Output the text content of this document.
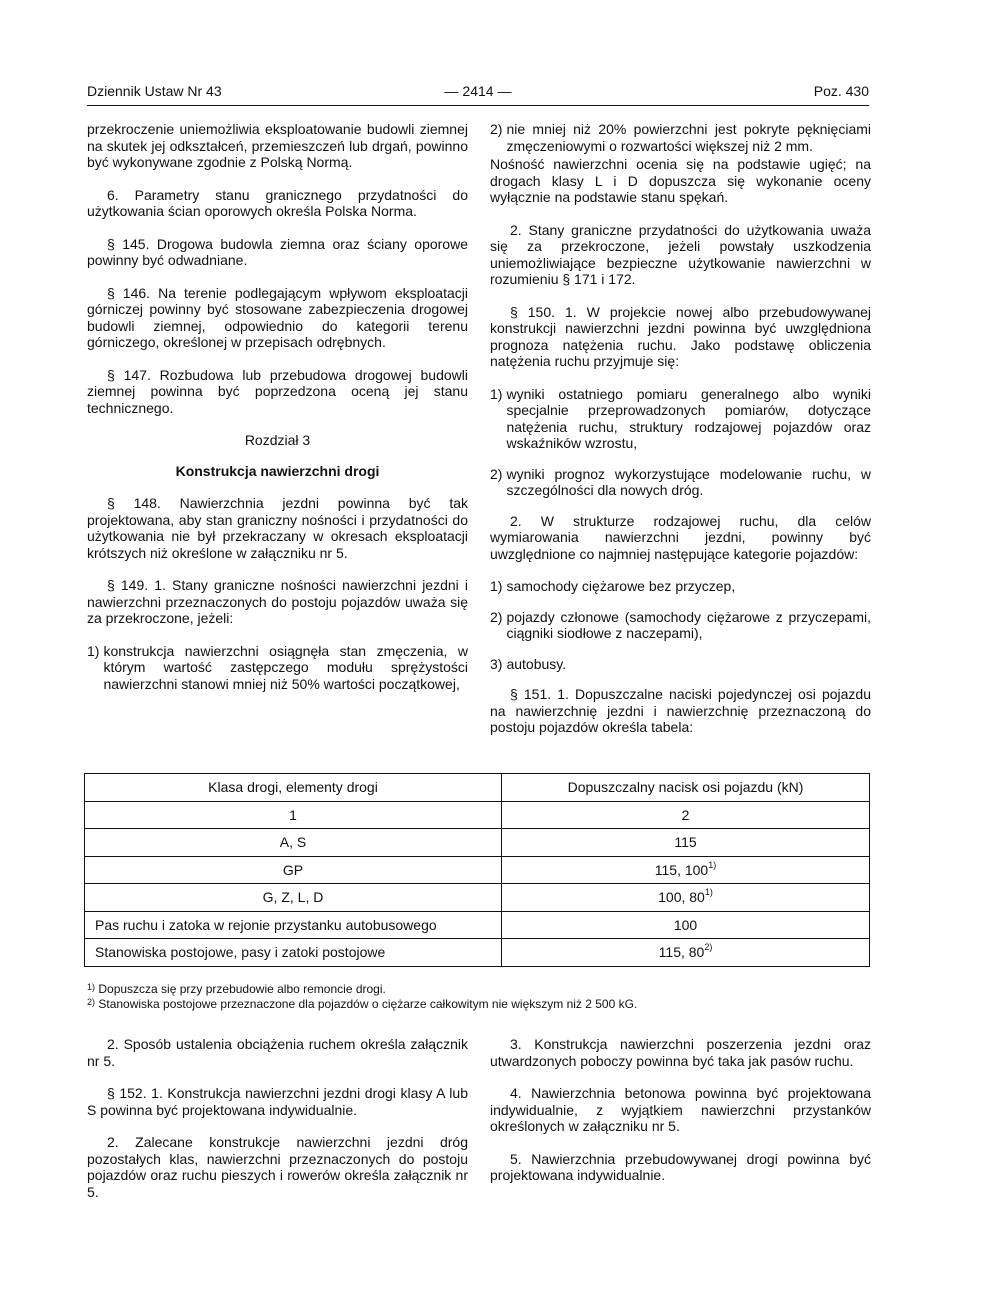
Dziennik Ustaw Nr 43	— 2414 —	Poz. 430

przekroczenie uniemożliwia eksploatowanie budowli ziemnej na skutek jej odkształceń, przemieszczeń lub drgań, powinno być wykonywane zgodnie z Polską Normą.

6. Parametry stanu granicznego przydatności do użytkowania ścian oporowych określa Polska Norma.

§ 145. Drogowa budowla ziemna oraz ściany oporowe powinny być odwadniane.

§ 146. Na terenie podlegającym wpływom eksploatacji górniczej powinny być stosowane zabezpieczenia drogowej budowli ziemnej, odpowiednio do kategorii terenu górniczego, określonej w przepisach odrębnych.

§ 147. Rozbudowa lub przebudowa drogowej budowli ziemnej powinna być poprzedzona oceną jej stanu technicznego.

Rozdział 3
Konstrukcja nawierzchni drogi

§ 148. Nawierzchnia jezdni powinna być tak projektowana, aby stan graniczny nośności i przydatności do użytkowania nie był przekraczany w okresach eksploatacji krótszych niż określone w załączniku nr 5.

§ 149. 1. Stany graniczne nośności nawierzchni jezdni i nawierzchni przeznaczonych do postoju pojazdów uważa się za przekroczone, jeżeli:

1) konstrukcja nawierzchni osiągnęła stan zmęczenia, w którym wartość zastępczego modułu sprężystości nawierzchni stanowi mniej niż 50% wartości początkowej,
2) nie mniej niż 20% powierzchni jest pokryte pęknięciami zmęczeniowymi o rozwartości większej niż 2 mm.

Nośność nawierzchni ocenia się na podstawie ugięć; na drogach klasy L i D dopuszcza się wykonanie oceny wyłącznie na podstawie stanu spękań.

2. Stany graniczne przydatności do użytkowania uważa się za przekroczone, jeżeli powstały uszkodzenia uniemożliwiające bezpieczne użytkowanie nawierzchni w rozumieniu § 171 i 172.

§ 150. 1. W projekcie nowej albo przebudowywanej konstrukcji nawierzchni jezdni powinna być uwzględniona prognoza natężenia ruchu. Jako podstawę obliczenia natężenia ruchu przyjmuje się:

1) wyniki ostatniego pomiaru generalnego albo wyniki specjalnie przeprowadzonych pomiarów, dotyczące natężenia ruchu, struktury rodzajowej pojazdów oraz wskaźników wzrostu,
2) wyniki prognoz wykorzystujące modelowanie ruchu, w szczególności dla nowych dróg.

2. W strukturze rodzajowej ruchu, dla celów wymiarowania nawierzchni jezdni, powinny być uwzględnione co najmniej następujące kategorie pojazdów:

1) samochody ciężarowe bez przyczep,
2) pojazdy członowe (samochody ciężarowe z przyczepami, ciągniki siodłowe z naczepami),
3) autobusy.

§ 151. 1. Dopuszczalne naciski pojedynczej osi pojazdu na nawierzchnię jezdni i nawierzchnię przeznaczoną do postoju pojazdów określa tabela:

Klasa drogi, elementy drogi	Dopuszczalny nacisk osi pojazdu (kN)
1	2
A, S	115
GP	115, 100$^{1)}$
G, Z, L, D	100, 80$^{1)}$
Pas ruchu i zatoka w rejonie przystanku autobusowego	100
Stanowiska postojowe, pasy i zatoki postojowe	115, 80$^{2)}$
$^{1)}$ Dopuszcza się przy przebudowie albo remoncie drogi.
$^{2)}$ Stanowiska postojowe przeznaczone dla pojazdów o ciężarze całkowitym nie większym niż 2 500 kG.

2. Sposób ustalenia obciążenia ruchem określa załącznik nr 5.

§ 152. 1. Konstrukcja nawierzchni jezdni drogi klasy A lub S powinna być projektowana indywidualnie.

2. Zalecane konstrukcje nawierzchni jezdni dróg pozostałych klas, nawierzchni przeznaczonych do postoju pojazdów oraz ruchu pieszych i rowerów określa załącznik nr 5.

3. Konstrukcja nawierzchni poszerzenia jezdni oraz utwardzonych poboczy powinna być taka jak pasów ruchu.

4. Nawierzchnia betonowa powinna być projektowana indywidualnie, z wyjątkiem nawierzchni przystanków określonych w załączniku nr 5.

5. Nawierzchnia przebudowywanej drogi powinna być projektowana indywidualnie.
